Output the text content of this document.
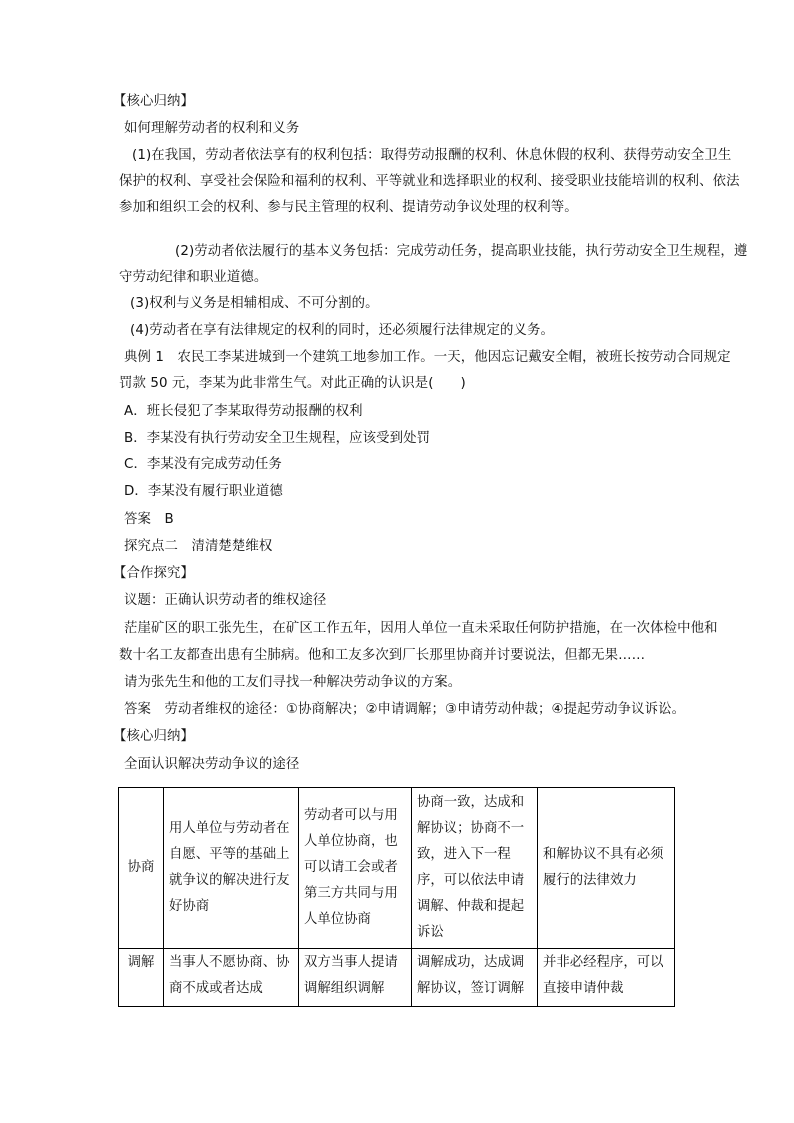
【核心归纳】
如何理解劳动者的权利和义务
(1)在我国，劳动者依法享有的权利包括：取得劳动报酬的权利、休息休假的权利、获得劳动安全卫生
保护的权利、享受社会保险和福利的权利、平等就业和选择职业的权利、接受职业技能培训的权利、依法
参加和组织工会的权利、参与民主管理的权利、提请劳动争议处理的权利等。
(2)劳动者依法履行的基本义务包括：完成劳动任务，提高职业技能，执行劳动安全卫生规程，遵
守劳动纪律和职业道德。
(3)权利与义务是相辅相成、不可分割的。
(4)劳动者在享有法律规定的权利的同时，还必须履行法律规定的义务。
典例 1　农民工李某进城到一个建筑工地参加工作。一天，他因忘记戴安全帽，被班长按劳动合同规定
罚款 50 元，李某为此非常生气。对此正确的认识是(　　)
A．班长侵犯了李某取得劳动报酬的权利
B．李某没有执行劳动安全卫生规程，应该受到处罚
C．李某没有完成劳动任务
D．李某没有履行职业道德
答案　B
探究点二　清清楚楚维权
【合作探究】
议题：正确认识劳动者的维权途径
茫崖矿区的职工张先生，在矿区工作五年，因用人单位一直未采取任何防护措施，在一次体检中他和
数十名工友都查出患有尘肺病。他和工友多次到厂长那里协商并讨要说法，但都无果……
请为张先生和他的工友们寻找一种解决劳动争议的方案。
答案　劳动者维权的途径：①协商解决；②申请调解；③申请劳动仲裁；④提起劳动争议诉讼。
【核心归纳】
全面认识解决劳动争议的途径
协商	用人单位与劳动者在自愿、平等的基础上就争议的解决进行友好协商	劳动者可以与用人单位协商，也可以请工会或者第三方共同与用人单位协商	协商一致，达成和解协议；协商不一致，进入下一程序，可以依法申请调解、仲裁和提起诉讼	和解协议不具有必须履行的法律效力
调解	当事人不愿协商、协商不成或者达成	双方当事人提请调解组织调解	调解成功，达成调解协议，签订调解	并非必经程序，可以直接申请仲裁
